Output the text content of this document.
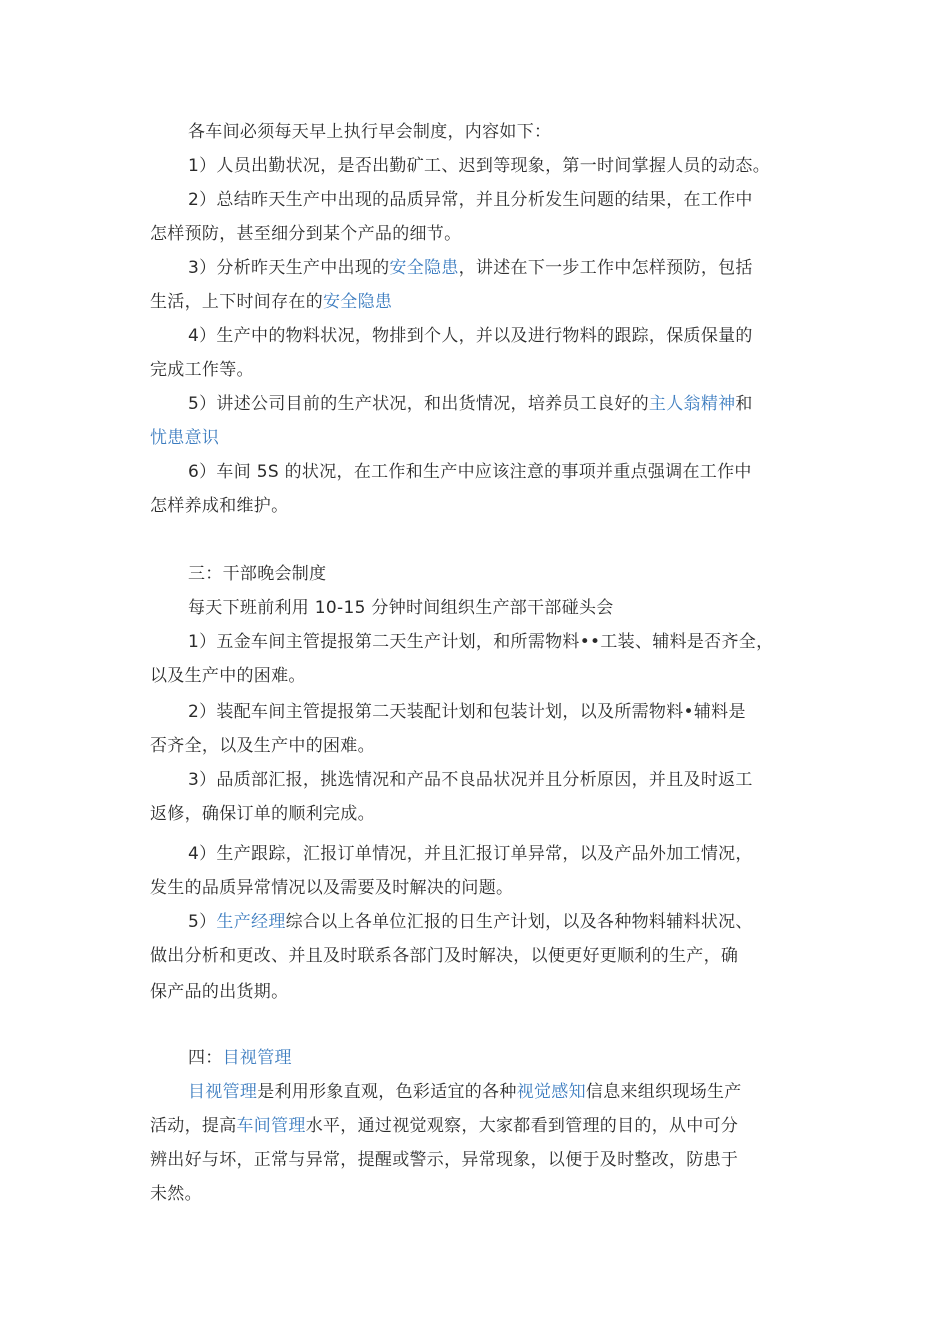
各车间必须每天早上执行早会制度，内容如下：
1）人员出勤状况，是否出勤矿工、迟到等现象，第一时间掌握人员的动态。
2）总结昨天生产中出现的品质异常，并且分析发生问题的结果，在工作中
怎样预防，甚至细分到某个产品的细节。
3）分析昨天生产中出现的安全隐患，讲述在下一步工作中怎样预防，包括
生活，上下时间存在的安全隐患
4）生产中的物料状况，物排到个人，并以及进行物料的跟踪，保质保量的
完成工作等。
5）讲述公司目前的生产状况，和出货情况，培养员工良好的主人翁精神和
忧患意识
6）车间 5S 的状况，在工作和生产中应该注意的事项并重点强调在工作中
怎样养成和维护。
三：干部晚会制度
每天下班前利用 10-15 分钟时间组织生产部干部碰头会
1）五金车间主管提报第二天生产计划，和所需物料••工装、辅料是否齐全，
以及生产中的困难。
2）装配车间主管提报第二天装配计划和包装计划，以及所需物料•辅料是
否齐全，以及生产中的困难。
3）品质部汇报，挑选情况和产品不良品状况并且分析原因，并且及时返工
返修，确保订单的顺利完成。
4）生产跟踪，汇报订单情况，并且汇报订单异常，以及产品外加工情况，
发生的品质异常情况以及需要及时解决的问题。
5）生产经理综合以上各单位汇报的日生产计划，以及各种物料辅料状况、
做出分析和更改、并且及时联系各部门及时解决，以便更好更顺利的生产，确
保产品的出货期。
四：目视管理
目视管理是利用形象直观，色彩适宜的各种视觉感知信息来组织现场生产
活动，提高车间管理水平，通过视觉观察，大家都看到管理的目的，从中可分
辨出好与坏，正常与异常，提醒或警示，异常现象，以便于及时整改，防患于
未然。
